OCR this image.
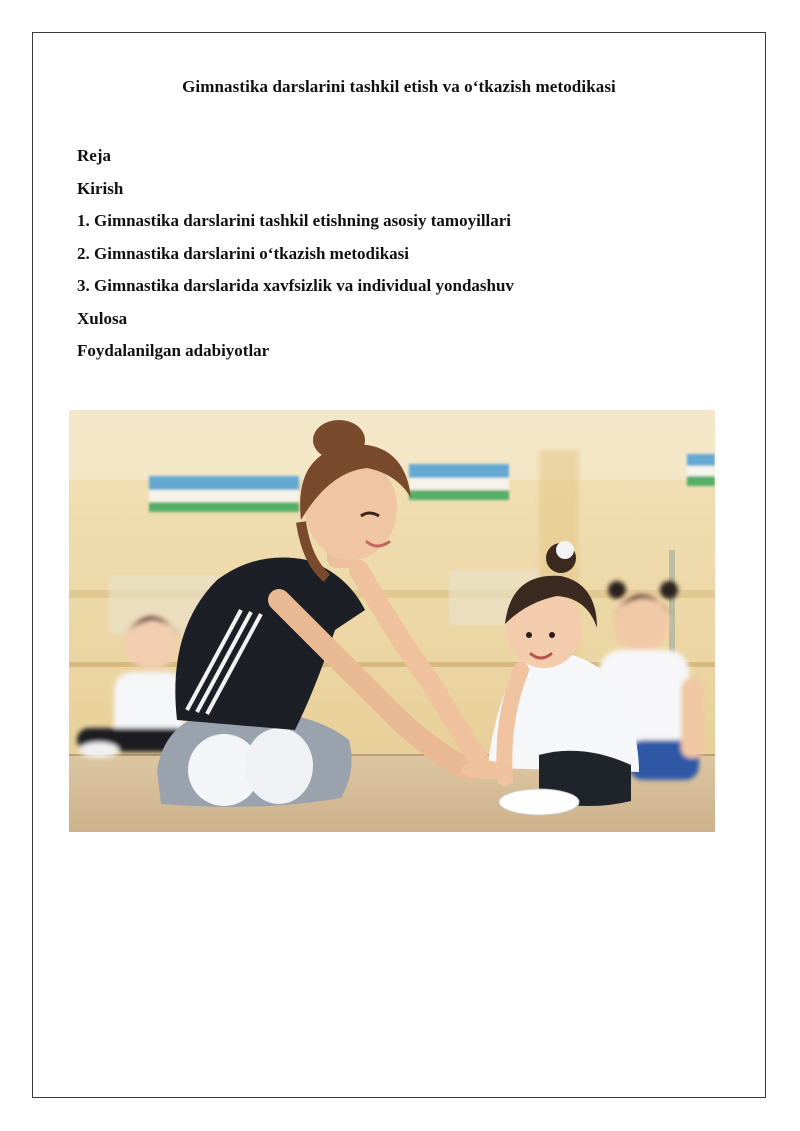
Gimnastika darslarini tashkil etish va o‘tkazish metodikasi
Reja
Kirish
1. Gimnastika darslarini tashkil etishning asosiy tamoyillari
2. Gimnastika darslarini o‘tkazish metodikasi
3. Gimnastika darslarida xavfsizlik va individual yondashuv
Xulosa
Foydalanilgan adabiyotlar
